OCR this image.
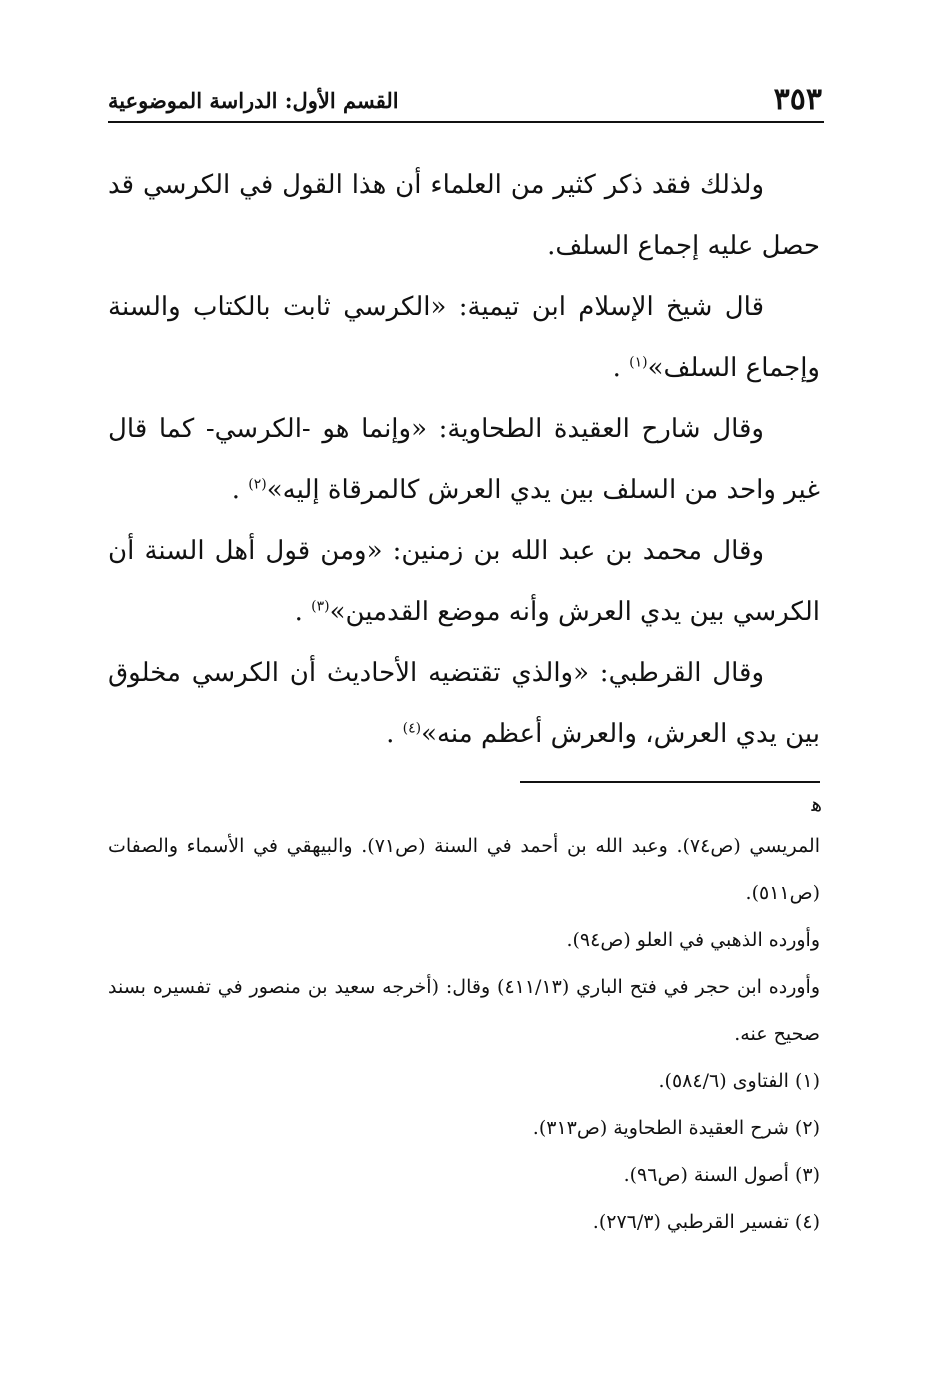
٣٥٣
القسم الأول: الدراسة الموضوعية

ولذلك فقد ذكر كثير من العلماء أن هذا القول في الكرسي قد حصل عليه إجماع السلف.

قال شيخ الإسلام ابن تيمية: «الكرسي ثابت بالكتاب والسنة وإجماع السلف»$^{(١)}$ .

وقال شارح العقيدة الطحاوية: «وإنما هو -الكرسي- كما قال غير واحد من السلف بين يدي العرش كالمرقاة إليه»$^{(٢)}$ .

وقال محمد بن عبد الله بن زمنين: «ومن قول أهل السنة أن الكرسي بين يدي العرش وأنه موضع القدمين»$^{(٣)}$ .

وقال القرطبي: «والذي تقتضيه الأحاديث أن الكرسي مخلوق بين يدي العرش، والعرش أعظم منه»$^{(٤)}$ .

ﻫ

المريسي (ص٧٤). وعبد الله بن أحمد في السنة (ص٧١). والبيهقي في الأسماء والصفات (ص٥١١).

وأورده الذهبي في العلو (ص٩٤).

وأورده ابن حجر في فتح الباري (٤١١/١٣) وقال: (أخرجه سعيد بن منصور في تفسيره بسند صحيح عنه.

(١) الفتاوى (٥٨٤/٦).

(٢) شرح العقيدة الطحاوية (ص٣١٣).

(٣) أصول السنة (ص٩٦).

(٤) تفسير القرطبي (٢٧٦/٣).
